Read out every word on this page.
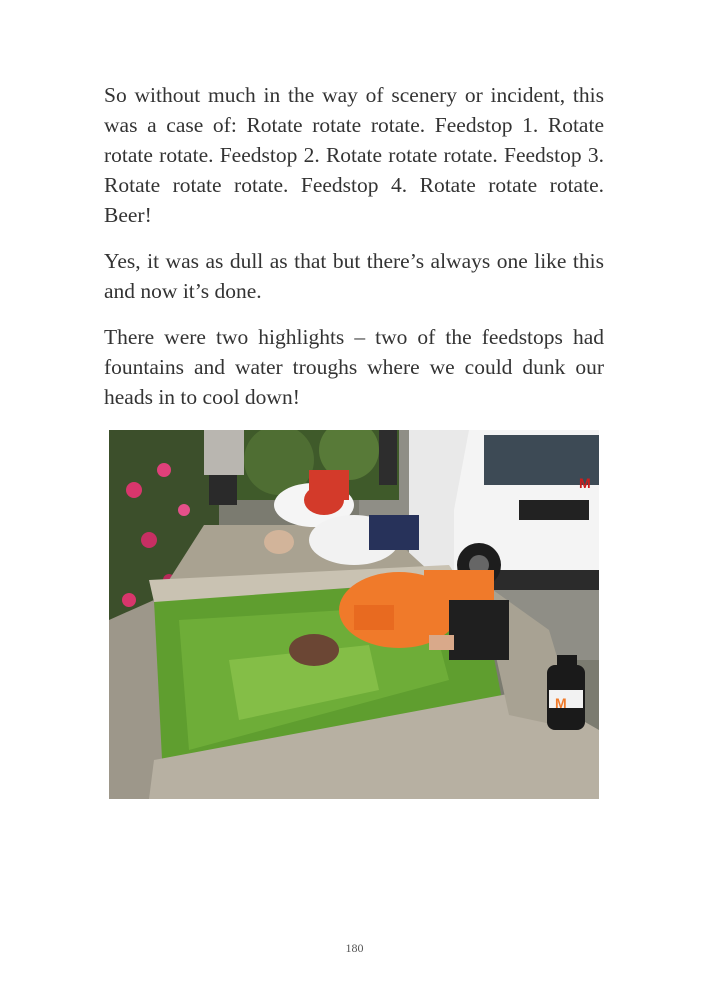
So without much in the way of scenery or incident, this was a case of: Rotate rotate rotate. Feedstop 1. Rotate rotate rotate. Feedstop 2. Rotate rotate rotate. Feedstop 3. Rotate rotate rotate. Feedstop 4. Rotate rotate rotate. Beer!

Yes, it was as dull as that but there’s always one like this and now it’s done.

There were two highlights – two of the feedstops had fountains and water troughs where we could dunk our heads in to cool down!

M
M
180
